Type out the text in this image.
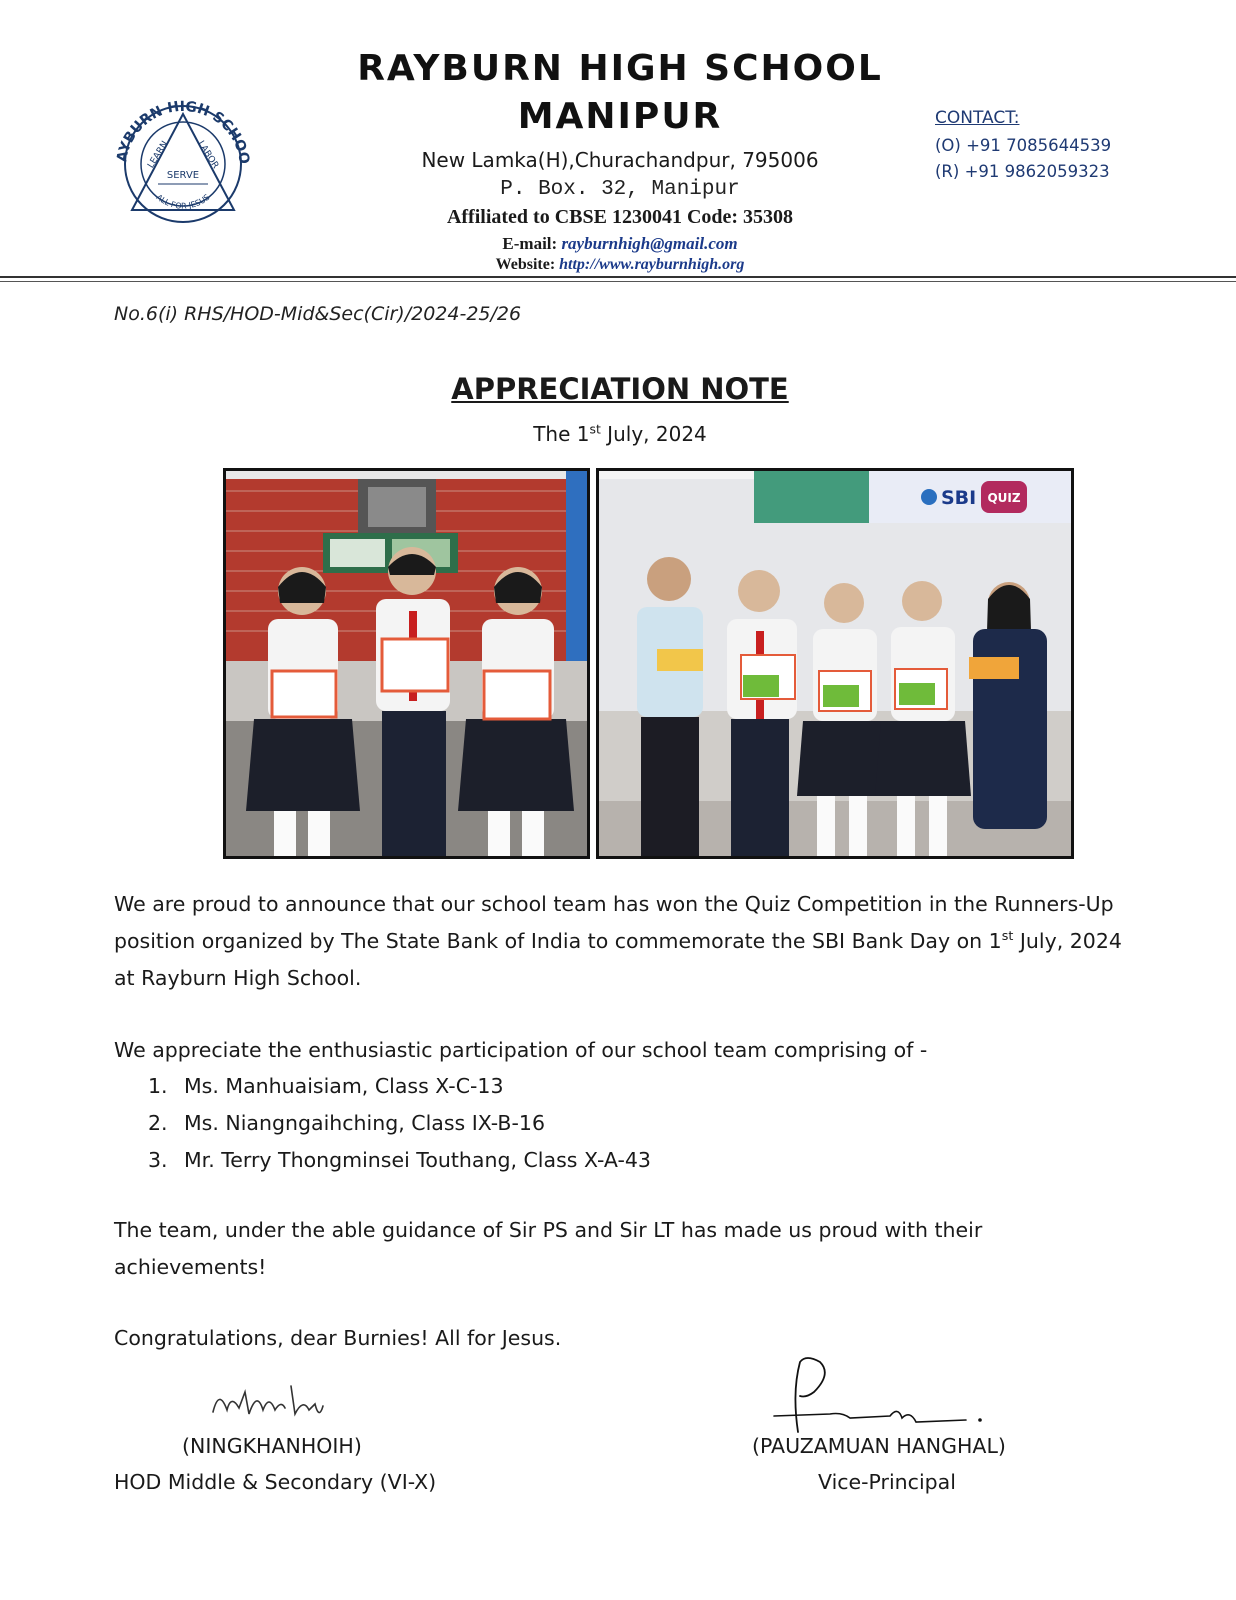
AYBURN HIGH SCHOO
LEARN	LABOR
SERVE
ALL FOR JESUS
RAYBURN HIGH SCHOOL
MANIPUR
New Lamka(H),Churachandpur, 795006
P. Box. 32, Manipur
Affiliated to CBSE 1230041 Code: 35308
E-mail: rayburnhigh@gmail.com
Website: http://www.rayburnhigh.org
CONTACT:
(O) +91 7085644539
(R) +91 9862059323
No.6(i) RHS/HOD-Mid&Sec(Cir)/2024-25/26
APPRECIATION NOTE
The 1st July, 2024
SBI QUIZ
We are proud to announce that our school team has won the Quiz Competition in the Runners-Up position organized by The State Bank of India to commemorate the SBI Bank Day on 1st July, 2024 at Rayburn High School.
We appreciate the enthusiastic participation of our school team comprising of -
1. Ms. Manhuaisiam, Class X-C-13
2. Ms. Niangngaihching, Class IX-B-16
3. Mr. Terry Thongminsei Touthang, Class X-A-43
The team, under the able guidance of Sir PS and Sir LT has made us proud with their achievements!
Congratulations, dear Burnies! All for Jesus.
(NINGKHANHOIH)
HOD Middle & Secondary (VI-X)
(PAUZAMUAN HANGHAL)
Vice-Principal
